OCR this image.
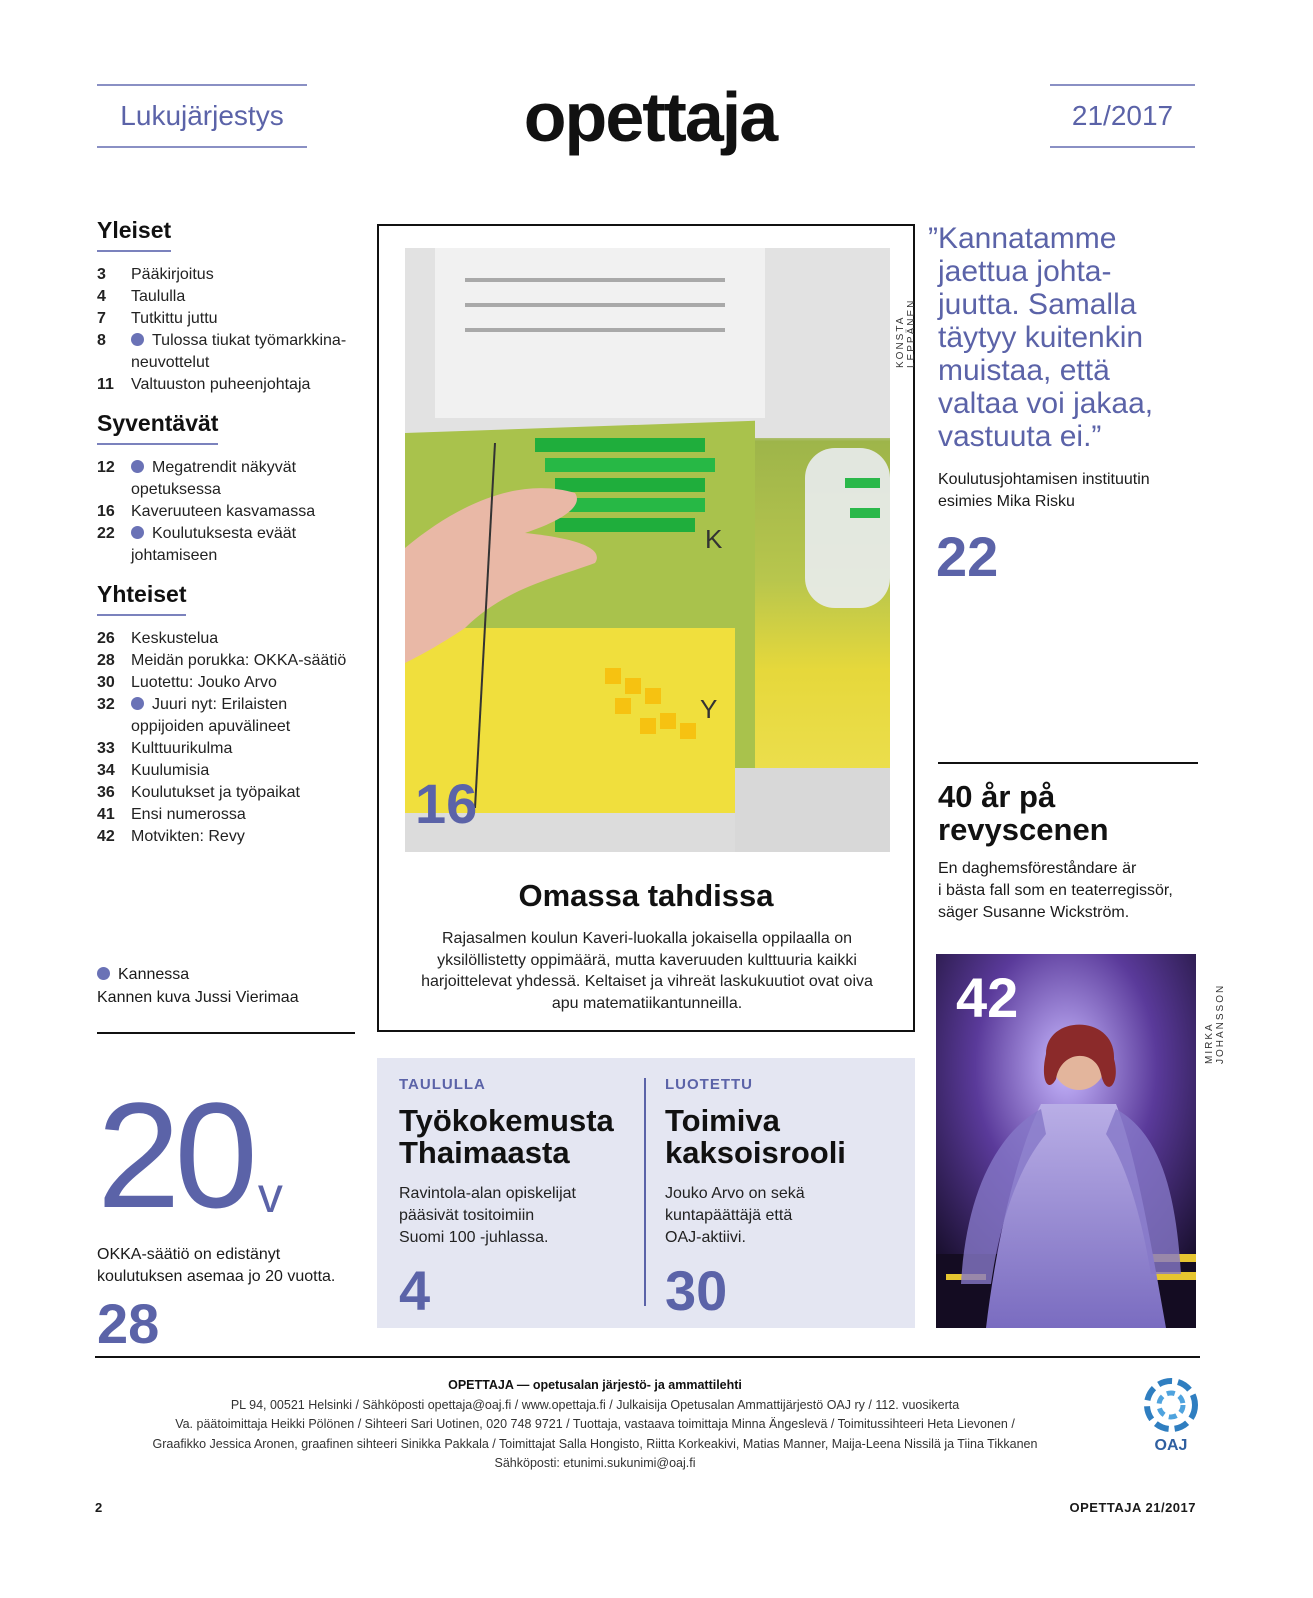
Lukujärjestys	opettaja	21/2017
Yleiset
3	Pääkirjoitus
4	Taululla
7	Tutkittu juttu
8	Tulossa tiukat työmarkkina-neuvottelut
11	Valtuuston puheenjohtaja
Syventävät
12	Megatrendit näkyvät opetuksessa
16	Kaveruuteen kasvamassa
22	Koulutuksesta eväät johtamiseen
Yhteiset
26	Keskustelua
28	Meidän porukka: OKKA-säätiö
30	Luotettu: Jouko Arvo
32	Juuri nyt: Erilaisten oppijoiden apuvälineet
33	Kulttuurikulma
34	Kuulumisia
36	Koulutukset ja työpaikat
41	Ensi numerossa
42	Motvikten: Revy
Kannessa
Kannen kuva Jussi Vierimaa
20 v
OKKA-säätiö on edistänyt
koulutuksen asemaa jo 20 vuotta.
28
K
Y
16
KONSTA LEPPÄNEN
Omassa tahdissa
Rajasalmen koulun Kaveri-luokalla jokaisella oppilaalla on yksilöllistetty oppimäärä, mutta kaveruuden kulttuuria kaikki harjoittelevat yhdessä. Keltaiset ja vihreät laskukuutiot ovat oiva apu matematiikantunneilla.
TAULULLA
Työkokemusta
Thaimaasta
Ravintola-alan opiskelijat
pääsivät tositoimiin
Suomi 100 -juhlassa.
4
LUOTETTU
Toimiva
kaksoisrooli
Jouko Arvo on sekä
kuntapäättäjä että
OAJ-aktiivi.
30
”Kannatamme
jaettua johta-
juutta. Samalla
täytyy kuitenkin
muistaa, että
valtaa voi jakaa,
vastuuta ei.”
Koulutusjohtamisen instituutin
esimies Mika Risku
22
40 år på
revyscenen
En daghemsföreståndare är
i bästa fall som en teaterregissör,
säger Susanne Wickström.
42
MIRKA JOHANSSON
OPETTAJA — opetusalan järjestö- ja ammattilehti
PL 94, 00521 Helsinki / Sähköposti opettaja@oaj.fi / www.opettaja.fi / Julkaisija Opetusalan Ammattijärjestö OAJ ry / 112. vuosikerta
Va. päätoimittaja Heikki Pölönen / Sihteeri Sari Uotinen, 020 748 9721 / Tuottaja, vastaava toimittaja Minna Ängeslevä / Toimitussihteeri Heta Lievonen /
Graafikko Jessica Aronen, graafinen sihteeri Sinikka Pakkala / Toimittajat Salla Hongisto, Riitta Korkeakivi, Matias Manner, Maija-Leena Nissilä ja Tiina Tikkanen
Sähköposti: etunimi.sukunimi@oaj.fi
OAJ
2	OPETTAJA 21/2017
